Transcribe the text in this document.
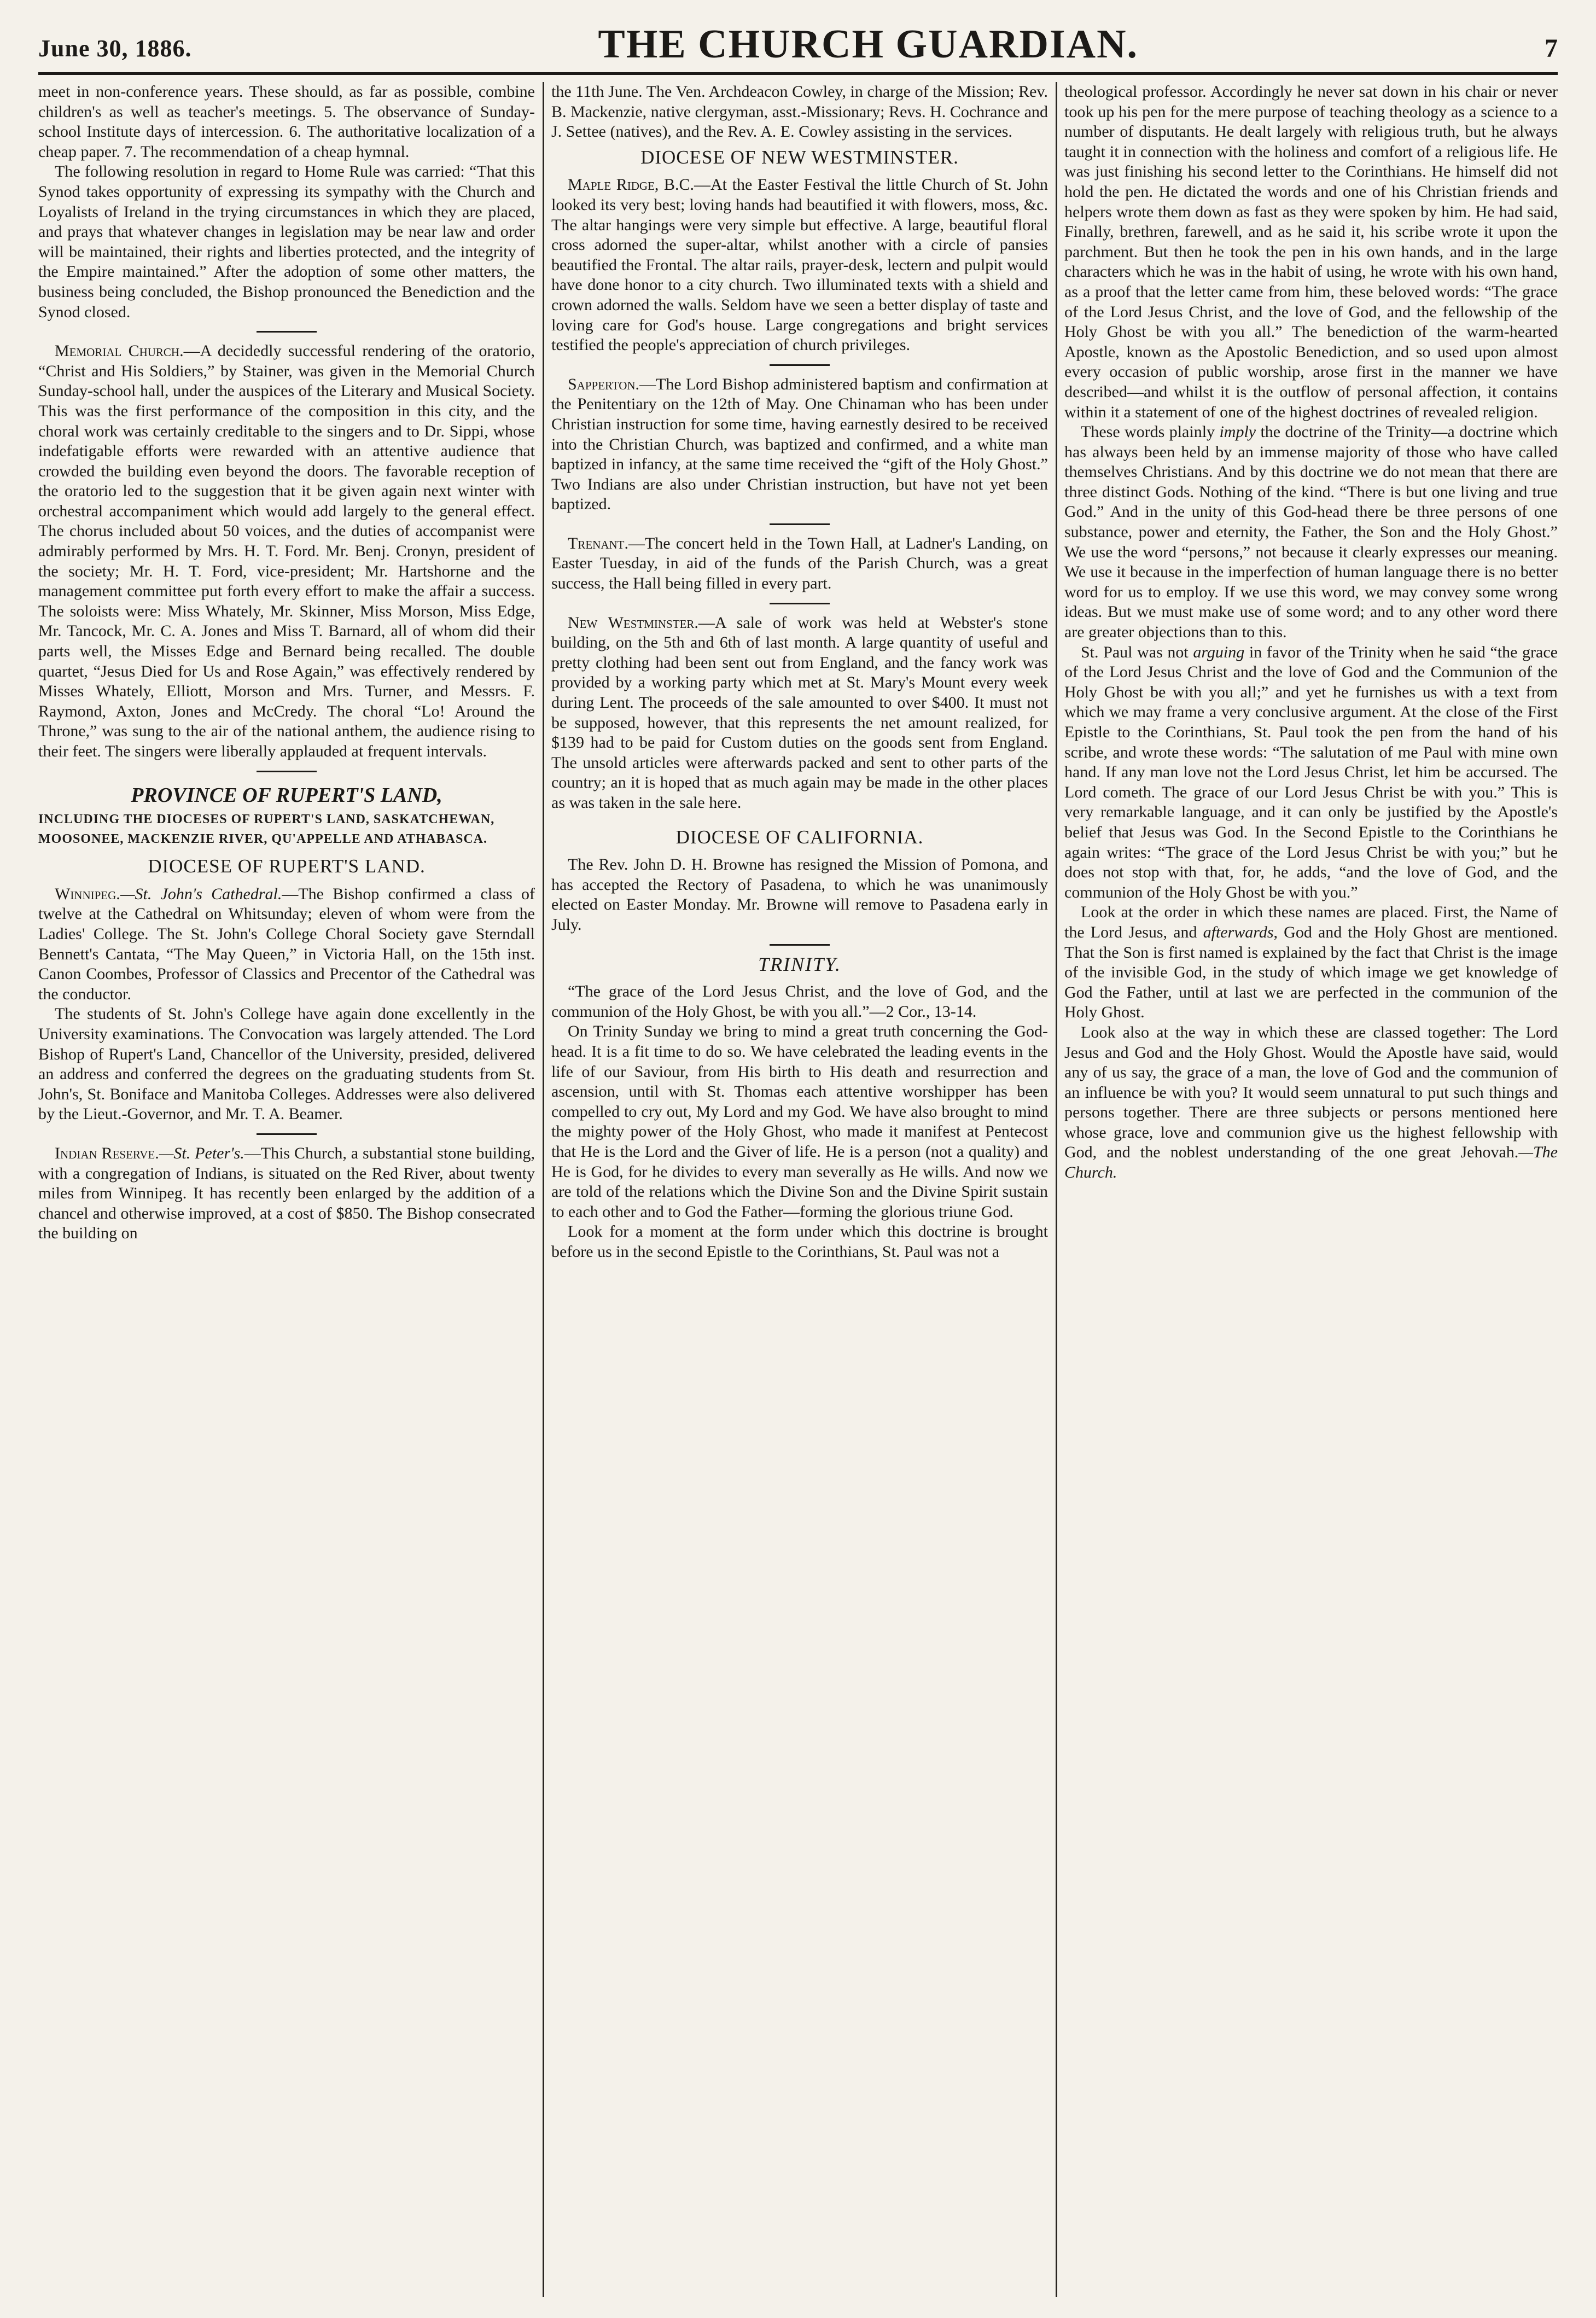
June 30, 1886.	THE CHURCH GUARDIAN.	7

meet in non-conference years. These should, as far as possible, combine children's as well as teacher's meetings. 5. The observance of Sunday-school Institute days of intercession. 6. The authoritative localization of a cheap paper. 7. The recommendation of a cheap hymnal.

The following resolution in regard to Home Rule was carried: “That this Synod takes opportunity of expressing its sympathy with the Church and Loyalists of Ireland in the trying circumstances in which they are placed, and prays that whatever changes in legislation may be near law and order will be maintained, their rights and liberties protected, and the integrity of the Empire maintained.” After the adoption of some other matters, the business being concluded, the Bishop pronounced the Benediction and the Synod closed.

Memorial Church.—A decidedly successful rendering of the oratorio, “Christ and His Soldiers,” by Stainer, was given in the Memorial Church Sunday-school hall, under the auspices of the Literary and Musical Society. This was the first performance of the composition in this city, and the choral work was certainly creditable to the singers and to Dr. Sippi, whose indefatigable efforts were rewarded with an attentive audience that crowded the building even beyond the doors. The favorable reception of the oratorio led to the suggestion that it be given again next winter with orchestral accompaniment which would add largely to the general effect. The chorus included about 50 voices, and the duties of accompanist were admirably performed by Mrs. H. T. Ford. Mr. Benj. Cronyn, president of the society; Mr. H. T. Ford, vice-president; Mr. Hartshorne and the management committee put forth every effort to make the affair a success. The soloists were: Miss Whately, Mr. Skinner, Miss Morson, Miss Edge, Mr. Tancock, Mr. C. A. Jones and Miss T. Barnard, all of whom did their parts well, the Misses Edge and Bernard being recalled. The double quartet, “Jesus Died for Us and Rose Again,” was effectively rendered by Misses Whately, Elliott, Morson and Mrs. Turner, and Messrs. F. Raymond, Axton, Jones and McCredy. The choral “Lo! Around the Throne,” was sung to the air of the national anthem, the audience rising to their feet. The singers were liberally applauded at frequent intervals.

PROVINCE OF RUPERT'S LAND,
INCLUDING THE DIOCESES OF RUPERT'S LAND, SASKATCHEWAN, MOOSONEE, MACKENZIE RIVER, QU'APPELLE AND ATHABASCA.
DIOCESE OF RUPERT'S LAND.

Winnipeg.—St. John's Cathedral.—The Bishop confirmed a class of twelve at the Cathedral on Whitsunday; eleven of whom were from the Ladies' College. The St. John's College Choral Society gave Sterndall Bennett's Cantata, “The May Queen,” in Victoria Hall, on the 15th inst. Canon Coombes, Professor of Classics and Precentor of the Cathedral was the conductor.

The students of St. John's College have again done excellently in the University examinations. The Convocation was largely attended. The Lord Bishop of Rupert's Land, Chancellor of the University, presided, delivered an address and conferred the degrees on the graduating students from St. John's, St. Boniface and Manitoba Colleges. Addresses were also delivered by the Lieut.-Governor, and Mr. T. A. Beamer.

Indian Reserve.—St. Peter's.—This Church, a substantial stone building, with a congregation of Indians, is situated on the Red River, about twenty miles from Winnipeg. It has recently been enlarged by the addition of a chancel and otherwise improved, at a cost of $850. The Bishop consecrated the building on

the 11th June. The Ven. Archdeacon Cowley, in charge of the Mission; Rev. B. Mackenzie, native clergyman, asst.-Missionary; Revs. H. Cochrance and J. Settee (natives), and the Rev. A. E. Cowley assisting in the services.

DIOCESE OF NEW WESTMINSTER.

Maple Ridge, B.C.—At the Easter Festival the little Church of St. John looked its very best; loving hands had beautified it with flowers, moss, &c. The altar hangings were very simple but effective. A large, beautiful floral cross adorned the super-altar, whilst another with a circle of pansies beautified the Frontal. The altar rails, prayer-desk, lectern and pulpit would have done honor to a city church. Two illuminated texts with a shield and crown adorned the walls. Seldom have we seen a better display of taste and loving care for God's house. Large congregations and bright services testified the people's appreciation of church privileges.

Sapperton.—The Lord Bishop administered baptism and confirmation at the Penitentiary on the 12th of May. One Chinaman who has been under Christian instruction for some time, having earnestly desired to be received into the Christian Church, was baptized and confirmed, and a white man baptized in infancy, at the same time received the “gift of the Holy Ghost.” Two Indians are also under Christian instruction, but have not yet been baptized.

Trenant.—The concert held in the Town Hall, at Ladner's Landing, on Easter Tuesday, in aid of the funds of the Parish Church, was a great success, the Hall being filled in every part.

New Westminster.—A sale of work was held at Webster's stone building, on the 5th and 6th of last month. A large quantity of useful and pretty clothing had been sent out from England, and the fancy work was provided by a working party which met at St. Mary's Mount every week during Lent. The proceeds of the sale amounted to over $400. It must not be supposed, however, that this represents the net amount realized, for $139 had to be paid for Custom duties on the goods sent from England. The unsold articles were afterwards packed and sent to other parts of the country; an it is hoped that as much again may be made in the other places as was taken in the sale here.

DIOCESE OF CALIFORNIA.

The Rev. John D. H. Browne has resigned the Mission of Pomona, and has accepted the Rectory of Pasadena, to which he was unanimously elected on Easter Monday. Mr. Browne will remove to Pasadena early in July.

TRINITY.

“The grace of the Lord Jesus Christ, and the love of God, and the communion of the Holy Ghost, be with you all.”—2 Cor., 13-14.

On Trinity Sunday we bring to mind a great truth concerning the God-head. It is a fit time to do so. We have celebrated the leading events in the life of our Saviour, from His birth to His death and resurrection and ascension, until with St. Thomas each attentive worshipper has been compelled to cry out, My Lord and my God. We have also brought to mind the mighty power of the Holy Ghost, who made it manifest at Pentecost that He is the Lord and the Giver of life. He is a person (not a quality) and He is God, for he divides to every man severally as He wills. And now we are told of the relations which the Divine Son and the Divine Spirit sustain to each other and to God the Father—forming the glorious triune God.

Look for a moment at the form under which this doctrine is brought before us in the second Epistle to the Corinthians, St. Paul was not a

theological professor. Accordingly he never sat down in his chair or never took up his pen for the mere purpose of teaching theology as a science to a number of disputants. He dealt largely with religious truth, but he always taught it in connection with the holiness and comfort of a religious life. He was just finishing his second letter to the Corinthians. He himself did not hold the pen. He dictated the words and one of his Christian friends and helpers wrote them down as fast as they were spoken by him. He had said, Finally, brethren, farewell, and as he said it, his scribe wrote it upon the parchment. But then he took the pen in his own hands, and in the large characters which he was in the habit of using, he wrote with his own hand, as a proof that the letter came from him, these beloved words: “The grace of the Lord Jesus Christ, and the love of God, and the fellowship of the Holy Ghost be with you all.” The benediction of the warm-hearted Apostle, known as the Apostolic Benediction, and so used upon almost every occasion of public worship, arose first in the manner we have described—and whilst it is the outflow of personal affection, it contains within it a statement of one of the highest doctrines of revealed religion.

These words plainly imply the doctrine of the Trinity—a doctrine which has always been held by an immense majority of those who have called themselves Christians. And by this doctrine we do not mean that there are three distinct Gods. Nothing of the kind. “There is but one living and true God.” And in the unity of this God-head there be three persons of one substance, power and eternity, the Father, the Son and the Holy Ghost.” We use the word “persons,” not because it clearly expresses our meaning. We use it because in the imperfection of human language there is no better word for us to employ. If we use this word, we may convey some wrong ideas. But we must make use of some word; and to any other word there are greater objections than to this.

St. Paul was not arguing in favor of the Trinity when he said “the grace of the Lord Jesus Christ and the love of God and the Communion of the Holy Ghost be with you all;” and yet he furnishes us with a text from which we may frame a very conclusive argument. At the close of the First Epistle to the Corinthians, St. Paul took the pen from the hand of his scribe, and wrote these words: “The salutation of me Paul with mine own hand. If any man love not the Lord Jesus Christ, let him be accursed. The Lord cometh. The grace of our Lord Jesus Christ be with you.” This is very remarkable language, and it can only be justified by the Apostle's belief that Jesus was God. In the Second Epistle to the Corinthians he again writes: “The grace of the Lord Jesus Christ be with you;” but he does not stop with that, for, he adds, “and the love of God, and the communion of the Holy Ghost be with you.”

Look at the order in which these names are placed. First, the Name of the Lord Jesus, and afterwards, God and the Holy Ghost are mentioned. That the Son is first named is explained by the fact that Christ is the image of the invisible God, in the study of which image we get knowledge of God the Father, until at last we are perfected in the communion of the Holy Ghost.

Look also at the way in which these are classed together: The Lord Jesus and God and the Holy Ghost. Would the Apostle have said, would any of us say, the grace of a man, the love of God and the communion of an influence be with you? It would seem unnatural to put such things and persons together. There are three subjects or persons mentioned here whose grace, love and communion give us the highest fellowship with God, and the noblest understanding of the one great Jehovah.—The Church.
